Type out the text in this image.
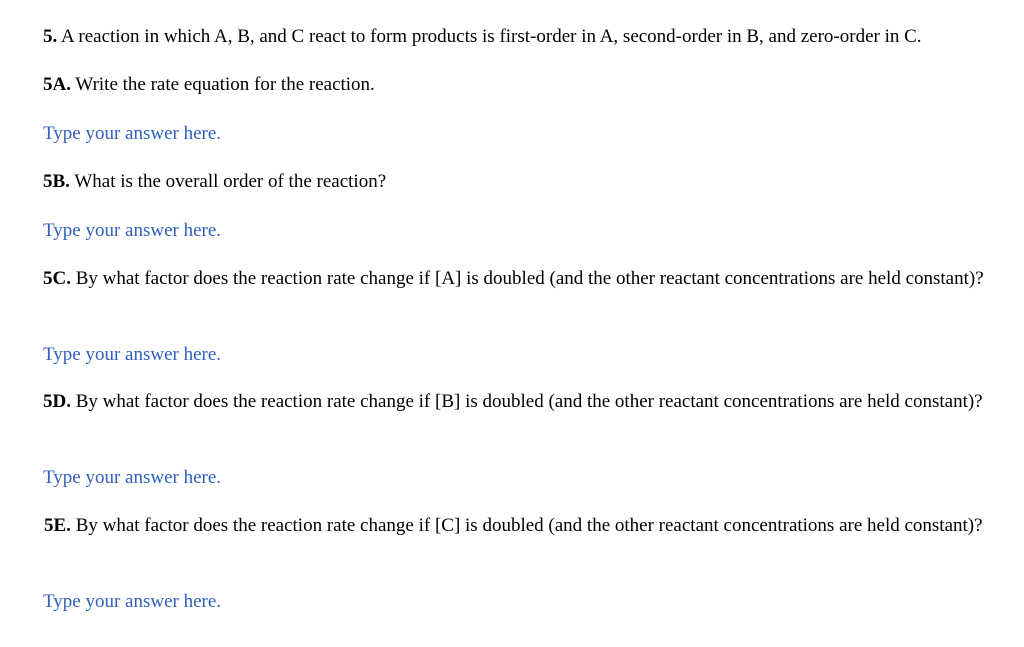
5. A reaction in which A, B, and C react to form products is first-order in A, second-order in B, and zero-order in C.
5A. Write the rate equation for the reaction.
Type your answer here.
5B. What is the overall order of the reaction?
Type your answer here.
5C. By what factor does the reaction rate change if [A] is doubled (and the other reactant concentrations are held constant)?
Type your answer here.
5D. By what factor does the reaction rate change if [B] is doubled (and the other reactant concentrations are held constant)?
Type your answer here.
5E. By what factor does the reaction rate change if [C] is doubled (and the other reactant concentrations are held constant)?
Type your answer here.
